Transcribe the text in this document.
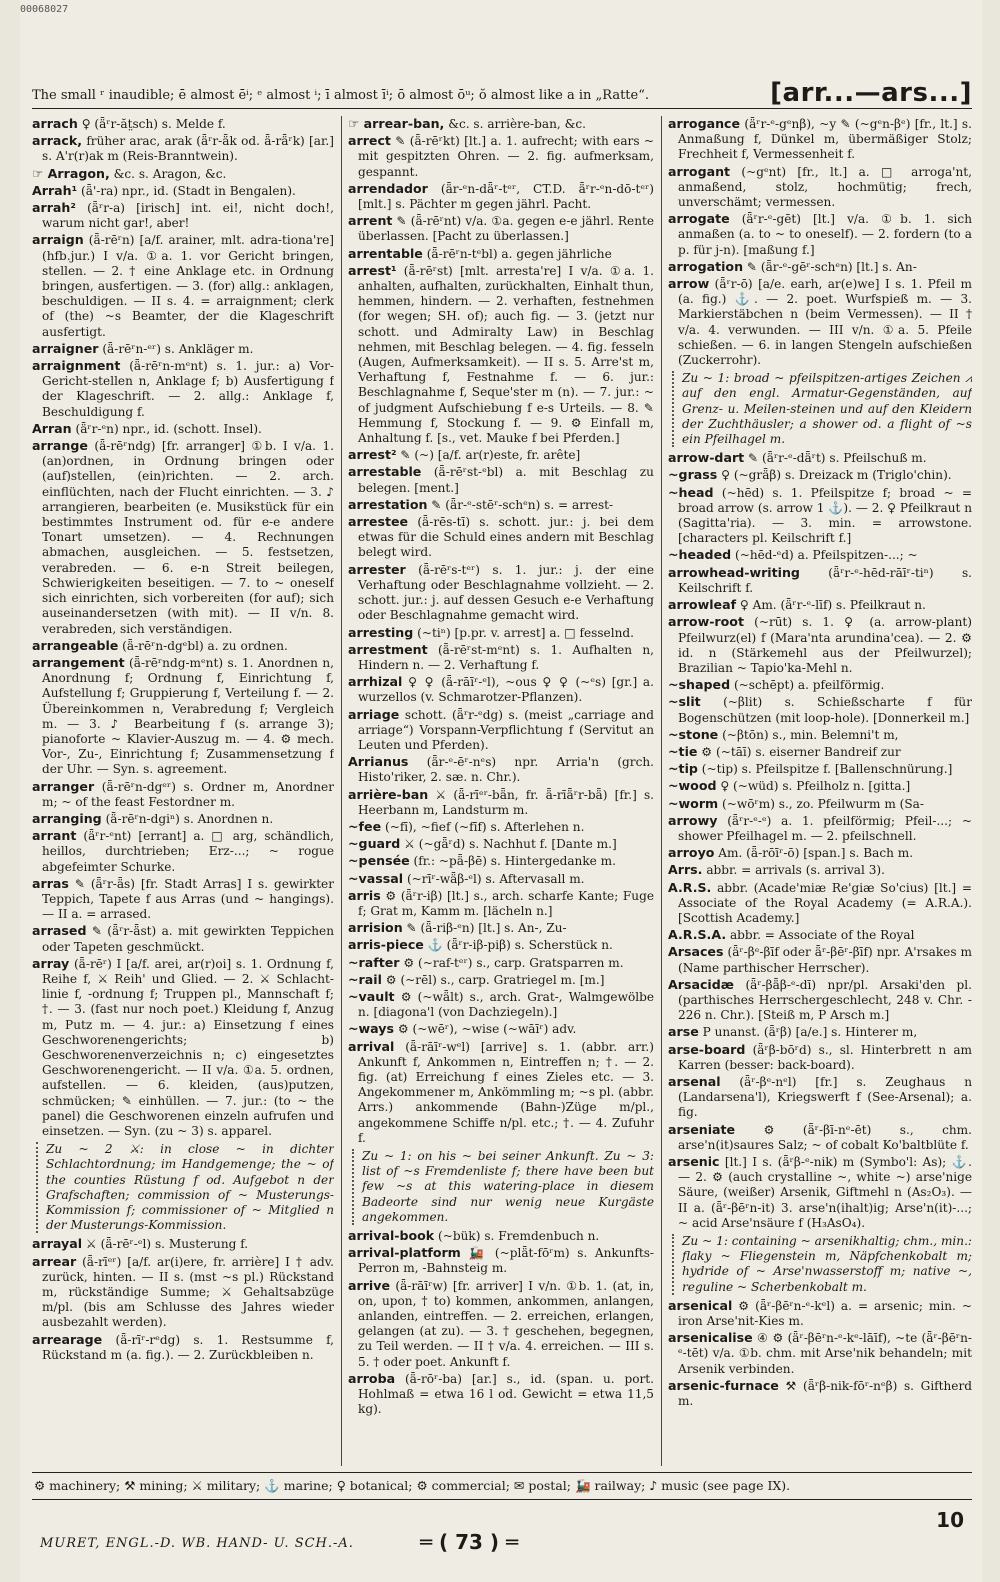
00068027
The small ʳ inaudible; ē almost ēⁱ; ᵉ almost ⁱ; ī almost īⁱ; ō almost ōᵘ; ŏ almost like a in „Ratte“.	[arr...—ars...]
arrach ♀ (ǟʳr-ăt̤sch) s. Melde f.
arrack, früher arac, arak (ǟʳr-ǟk od. ǟ-rǟʳk) [ar.] s. A'r(r)ak m (Reis-Branntwein).
☞ Arragon, &c. s. Aragon, &c.
Arrah¹ (ǟ'-ra) npr., id. (Stadt in Bengalen).
arrah² (ǟʳr-a) [irisch] int. ei!, nicht doch!, warum nicht gar!, aber!
arraign (ǟ-rēʳn) [a/f. arainer, mlt. adra-tiona're](hfb.jur.) I v/a. ①a. 1. vor Gericht bringen, stellen. — 2. † eine Anklage etc. in Ordnung bringen, ausfertigen. — 3. (for) allg.: anklagen, beschuldigen. — II s. 4. = arraignment; clerk of (the) ~s Beamter, der die Klageschrift ausfertigt.
arraigner (ǟ-rēʳn-ᵉʳ) s. Ankläger m.
arraignment (ǟ-rēʳn-mᵉnt) s. 1. jur.: a) Vor-Gericht-stellen n, Anklage f; b) Ausfertigung f der Klageschrift. — 2. allg.: Anklage f, Beschuldigung f.
Arran (ǟʳr-ᵉn) npr., id. (schott. Insel).
arrange (ǟ-rēʳndg) [fr. arranger] ①b. I v/a. 1. (an)ordnen, in Ordnung bringen oder (auf)stellen, (ein)richten. — 2. arch. einflüchten, nach der Flucht einrichten. — 3. ♪ arrangieren, bearbeiten (e. Musikstück für ein bestimmtes Instrument od. für e-e andere Tonart umsetzen). — 4. Rechnungen abmachen, ausgleichen. — 5. festsetzen, verabreden. — 6. e-n Streit beilegen, Schwierigkeiten beseitigen. — 7. to ~ oneself sich einrichten, sich vorbereiten (for auf); sich auseinandersetzen (with mit). — II v/n. 8. verabreden, sich verständigen.
arrangeable (ǟ-rēʳn-dgᵉbl) a. zu ordnen.
arrangement (ǟ-rēʳndg-mᵉnt) s. 1. Anordnen n, Anordnung f; Ordnung f, Einrichtung f, Aufstellung f; Gruppierung f, Verteilung f. — 2. Übereinkommen n, Verabredung f; Vergleich m. — 3. ♪ Bearbeitung f (s. arrange 3); pianoforte ~ Klavier-Auszug m. — 4. ⚙ mech. Vor-, Zu-, Einrichtung f; Zusammensetzung f der Uhr. — Syn. s. agreement.
arranger (ǟ-rēʳn-dgᵉʳ) s. Ordner m, Anordner m; ~ of the feast Festordner m.
arranging (ǟ-rēʳn-dgiⁿ) s. Anordnen n.
arrant (ǟʳr-ᵉnt) [errant] a. □ arg, schändlich, heillos, durchtrieben; Erz-...; ~ rogue abgefeimter Schurke.
arras ✎ (ǟʳr-ǟs) [fr. Stadt Arras] I s. gewirkter Teppich, Tapete f aus Arras (und ~ hangings). — II a. = arrased.
arrased ✎ (ǟʳr-ǟst) a. mit gewirkten Teppichen oder Tapeten geschmückt.
array (ǟ-rēʳ) I [a/f. arei, ar(r)oi] s. 1. Ordnung f, Reihe f, ⚔ Reih' und Glied. — 2. ⚔ Schlacht-linie f, -ordnung f; Truppen pl., Mannschaft f; †. — 3. (fast nur noch poet.) Kleidung f, Anzug m, Putz m. — 4. jur.: a) Einsetzung f eines Geschworenengerichts; b) Geschworenenverzeichnis n; c) eingesetztes Geschworenengericht. — II v/a. ①a. 5. ordnen, aufstellen. — 6. kleiden, (aus)putzen, schmücken; ✎ einhüllen. — 7. jur.: (to ~ the panel) die Geschworenen einzeln aufrufen und einsetzen. — Syn. (zu ~ 3) s. apparel.
Zu ~ 2 ⚔: in close ~ in dichter Schlachtordnung; im Handgemenge; the ~ of the counties Rüstung f od. Aufgebot n der Grafschaften; commission of ~ Musterungs-Kommission f; commissioner of ~ Mitglied n der Musterungs-Kommission.
arrayal ⚔ (ǟ-rēʳ-ᵉl) s. Musterung f.
arrear (ǟ-rīᵉʳ) [a/f. ar(i)ere, fr. arrière] I † adv. zurück, hinten. — II s. (mst ~s pl.) Rückstand m, rückständige Summe; ⚔ Gehaltsabzüge m/pl. (bis am Schlusse des Jahres wieder ausbezahlt werden).
arrearage (ǟ-rīʳ-rᵉdg) s. 1. Restsumme f, Rückstand m (a. fig.). — 2. Zurückbleiben n.
☞ arrear-ban, &c. s. arrière-ban, &c.
arrect ✎ (ǟ-rēʳkt) [lt.] a. 1. aufrecht; with ears ~ mit gespitzten Ohren. — 2. fig. aufmerksam, gespannt.
arrendador (ǟr-ᵉn-dǟʳ-tᵉʳ, CT.D. ǟʳr-ᵉn-dō-tᵉʳ) [mlt.] s. Pächter m gegen jährl. Pacht.
arrent ✎ (ǟ-rēʳnt) v/a. ①a. gegen e-e jährl. Rente überlassen. [Pacht zu überlassen.]
arrentable (ǟ-rēʳn-tᵉbl) a. gegen jährliche
arrest¹ (ǟ-rēʳst) [mlt. arresta're] I v/a. ①a. 1. anhalten, aufhalten, zurückhalten, Einhalt thun, hemmen, hindern. — 2. verhaften, festnehmen (for wegen; SH. of); auch fig. — 3. (jetzt nur schott. und Admiralty Law) in Beschlag nehmen, mit Beschlag belegen. — 4. fig. fesseln (Augen, Aufmerksamkeit). — II s. 5. Arre'st m, Verhaftung f, Festnahme f. — 6. jur.: Beschlagnahme f, Seque'ster m (n). — 7. jur.: ~ of judgment Aufschiebung f e-s Urteils. — 8. ✎ Hemmung f, Stockung f. — 9. ⚙ Einfall m, Anhaltung f. [s., vet. Mauke f bei Pferden.]
arrest² ✎ (~) [a/f. ar(r)este, fr. arête]
arrestable (ǟ-rēʳst-ᵉbl) a. mit Beschlag zu belegen. [ment.]
arrestation ✎ (ǟr-ᵉ-stēʳ-schᵉn) s. = arrest-
arrestee (ǟ-rēs-tī) s. schott. jur.: j. bei dem etwas für die Schuld eines andern mit Beschlag belegt wird.
arrester (ǟ-rēʳs-tᵉʳ) s. 1. jur.: j. der eine Verhaftung oder Beschlagnahme vollzieht. — 2. schott. jur.: j. auf dessen Gesuch e-e Verhaftung oder Beschlagnahme gemacht wird.
arresting (~tiⁿ) [p.pr. v. arrest] a. □ fesselnd.
arrestment (ǟ-rēʳst-mᵉnt) s. 1. Aufhalten n, Hindern n. — 2. Verhaftung f.
arrhizal ♀ ♀ (ǟ-rāīʳ-ᵉl), ~ous ♀ ♀ (~ᵉs) [gr.] a. wurzellos (v. Schmarotzer-Pflanzen).
arriage schott. (ǟʳr-ᵉdg) s. (meist „carriage and arriage“) Vorspann-Verpflichtung f (Servitut an Leuten und Pferden).
Arrianus (ǟr-ᵉ-ēʳ-nᵉs) npr. Arria'n (grch. Histo'riker, 2. sæ. n. Chr.).
arrière-ban ⚔ (ǟ-rīᵉʳ-bǟn, fr. ǟ-rīǟʳr-bǟ) [fr.] s. Heerbann m, Landsturm m.
~fee (~fī), ~fief (~fīf) s. Afterlehen n.
~guard ⚔ (~gǟʳd) s. Nachhut f. [Dante m.]
~pensée (fr.: ~pǟ-βē) s. Hintergedanke m.
~vassal (~rīʳ-wǟβ-ᵉl) s. Aftervasall m.
arris ⚙ (ǟʳr-iβ) [lt.] s., arch. scharfe Kante; Fuge f; Grat m, Kamm m. [lächeln n.]
arrision ✎ (ǟ-riβ-ᵉn) [lt.] s. An-, Zu-
arris-piece ⚓ (ǟʳr-iβ-piβ) s. Scherstück n.
~rafter ⚙ (~raf-tᵉʳ) s., carp. Gratsparren m.
~rail ⚙ (~rēl) s., carp. Gratriegel m. [m.]
~vault ⚙ (~wǟlt) s., arch. Grat-, Walmgewölbe n. [diagona'l (von Dachziegeln).]
~ways ⚙ (~wēʳ), ~wise (~wāīʳ) adv.
arrival (ǟ-rāīʳ-wᵉl) [arrive] s. 1. (abbr. arr.) Ankunft f, Ankommen n, Eintreffen n; †. — 2. fig. (at) Erreichung f eines Zieles etc. — 3. Angekommener m, Ankömmling m; ~s pl. (abbr. Arrs.) ankommende (Bahn-)Züge m/pl., angekommene Schiffe n/pl. etc.; †. — 4. Zufuhr f.
Zu ~ 1: on his ~ bei seiner Ankunft. Zu ~ 3: list of ~s Fremdenliste f; there have been but few ~s at this watering-place in diesem Badeorte sind nur wenig neue Kurgäste angekommen.
arrival-book (~bük) s. Fremdenbuch n.
arrival-platform 🚂 (~plǟt-fōʳm) s. Ankunfts-Perron m, -Bahnsteig m.
arrive (ǟ-rāīʳw) [fr. arriver] I v/n. ①b. 1. (at, in, on, upon, † to) kommen, ankommen, anlangen, anlanden, eintreffen. — 2. erreichen, erlangen, gelangen (at zu). — 3. † geschehen, begegnen, zu Teil werden. — II † v/a. 4. erreichen. — III s. 5. † oder poet. Ankunft f.
arroba (ǟ-rōʳ-ba) [ar.] s., id. (span. u. port. Hohlmaß = etwa 16 l od. Gewicht = etwa 11,5 kg).
arrogance (ǟʳr-ᵉ-gᵉnβ), ~y ✎ (~gᵉn-βᵉ) [fr., lt.] s. Anmaßung f, Dünkel m, übermäßiger Stolz; Frechheit f, Vermessenheit f.
arrogant (~gᵉnt) [fr., lt.] a. □ arroga'nt, anmaßend, stolz, hochmütig; frech, unverschämt; vermessen.
arrogate (ǟʳr-ᵉ-gēt) [lt.] v/a. ①b. 1. sich anmaßen (a. to ~ to oneself). — 2. fordern (to a p. für j-n). [maßung f.]
arrogation ✎ (ǟr-ᵉ-gēʳ-schᵉn) [lt.] s. An-
arrow (ǟʳr-ō) [a/e. earh, ar(e)we] I s. 1. Pfeil m (a. fig.) ⚓. — 2. poet. Wurfspieß m. — 3. Markierstäbchen n (beim Vermessen). — II † v/a. 4. verwunden. — III v/n. ①a. 5. Pfeile schießen. — 6. in langen Stengeln aufschießen (Zuckerrohr).
Zu ~ 1: broad ~ pfeilspitzen-artiges Zeichen ⩘ auf den engl. Armatur-Gegenständen, auf Grenz- u. Meilen-steinen und auf den Kleidern der Zuchthäusler; a shower od. a flight of ~s ein Pfeilhagel m.
arrow-dart ✎ (ǟʳr-ᵉ-dǟʳt) s. Pfeilschuß m.
~grass ♀ (~grǟβ) s. Dreizack m (Triglo'chin).
~head (~hēd) s. 1. Pfeilspitze f; broad ~ = broad arrow (s. arrow 1 ⚓). — 2. ♀ Pfeilkraut n (Sagitta'ria). — 3. min. = arrowstone. [characters pl. Keilschrift f.]
~headed (~hēd-ᵉd) a. Pfeilspitzen-...; ~
arrowhead-writing (ǟʳr-ᵉ-hēd-rāīʳ-tiⁿ) s. Keilschrift f.
arrowleaf ♀ Am. (ǟʳr-ᵉ-līf) s. Pfeilkraut n.
arrow-root (~rūt) s. 1. ♀ (a. arrow-plant) Pfeilwurz(el) f (Mara'nta arundina'cea). — 2. ⚙ id. n (Stärkemehl aus der Pfeilwurzel); Brazilian ~ Tapio'ka-Mehl n.
~shaped (~schēpt) a. pfeilförmig.
~slit (~βlit) s. Schießscharte f für Bogenschützen (mit loop-hole). [Donnerkeil m.]
~stone (~βtōn) s., min. Belemni't m,
~tie ⚙ (~tāī) s. eiserner Bandreif zur
~tip (~tip) s. Pfeilspitze f. [Ballenschnürung.]
~wood ♀ (~wüd) s. Pfeilholz n. [gitta.]
~worm (~wōʳm) s., zo. Pfeilwurm m (Sa-
arrowy (ǟʳr-ᵉ-ᵉ) a. 1. pfeilförmig; Pfeil-...; ~ shower Pfeilhagel m. — 2. pfeilschnell.
arroyo Am. (ǟ-rōīʳ-ō) [span.] s. Bach m.
Arrs. abbr. = arrivals (s. arrival 3).
A.R.S. abbr. (Acade'miæ Re'giæ So'cius) [lt.] = Associate of the Royal Academy (= A.R.A.). [Scottish Academy.]
A.R.S.A. abbr. = Associate of the Royal
Arsaces (ǟʳ-βᵉ-βīf oder ǟʳ-βēʳ-βīf) npr. A'rsakes m (Name parthischer Herrscher).
Arsacidæ (ǟʳ-βǟβ-ᵉ-dī) npr/pl. Arsaki'den pl. (parthisches Herrschergeschlecht, 248 v. Chr. - 226 n. Chr.). [Steiß m, P Arsch m.]
arse P unanst. (ǟʳβ) [a/e.] s. Hinterer m,
arse-board (ǟʳβ-bōʳd) s., sl. Hinterbrett n am Karren (besser: back-board).
arsenal (ǟʳ-βᵉ-nᵉl) [fr.] s. Zeughaus n (Landarsena'l), Kriegswerft f (See-Arsenal); a. fig.
arseniate ⚙ (ǟʳ-βī-nᵉ-ēt) s., chm. arse'n(it)saures Salz; ~ of cobalt Ko'baltblüte f.
arsenic [lt.] I s. (ǟʳβ-ᵉ-nik) m (Symbo'l: As); ⚓. — 2. ⚙ (auch crystalline ~, white ~) arse'nige Säure, (weißer) Arsenik, Giftmehl n (As₂O₃). — II a. (ǟʳ-βēʳn-it) 3. arse'n(ihalt)ig; Arse'n(it)-...; ~ acid Arse'nsäure f (H₃AsO₄).
Zu ~ 1: containing ~ arsenikhaltig; chm., min.: flaky ~ Fliegenstein m, Näpfchenkobalt m; hydride of ~ Arse'nwasserstoff m; native ~, reguline ~ Scherbenkobalt m.
arsenical ⚙ (ǟʳ-βēʳn-ᵉ-kᵉl) a. = arsenic; min. ~ iron Arse'nit-Kies m.
arsenicalise ④ ⚙ (ǟʳ-βēʳn-ᵉ-kᵉ-lāīf), ~te (ǟʳ-βēʳn-ᵉ-tēt) v/a. ①b. chm. mit Arse'nik behandeln; mit Arsenik verbinden.
arsenic-furnace ⚒ (ǟʳβ-nik-fōʳ-nᵉβ) s. Giftherd m.
⚙ machinery; ⚒ mining; ⚔ military; ⚓ marine; ♀ botanical; ⚙ commercial; ✉ postal; 🚂 railway; ♪ music (see page IX).
10
MURET, ENGL.-D. WB. HAND- U. SCH.-A.	═ ( 73 ) ═
